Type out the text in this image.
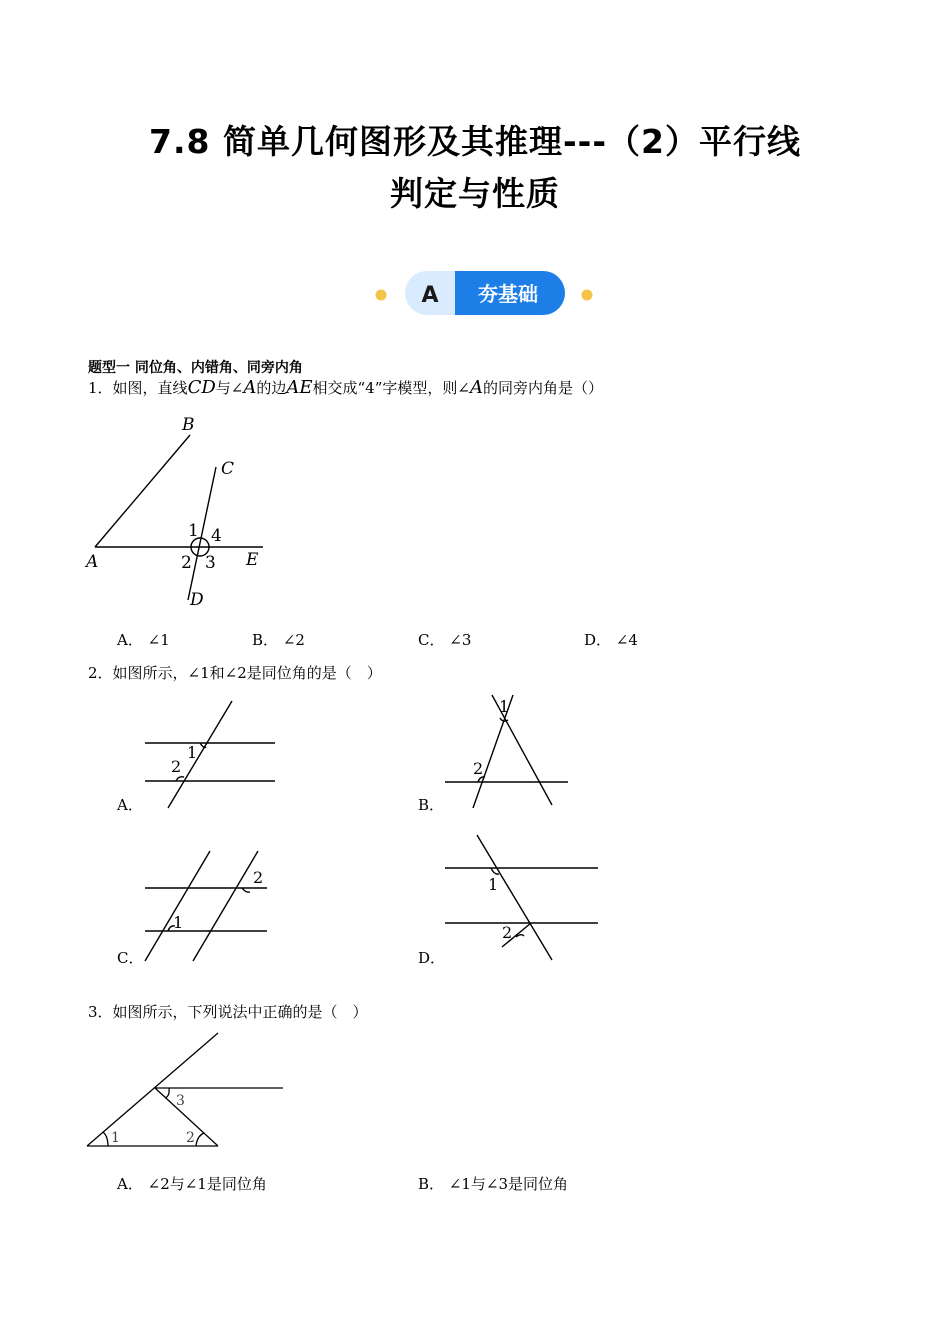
7.8 简单几何图形及其推理---（2）平行线
判定与性质
A 夯基础
题型一 同位角、内错角、同旁内角
1．如图，直线CD与∠A的边AE相交成“4”字模型，则∠A的同旁内角是（）
B
C
A	E
D
1 4
2 3
A． ∠1	B． ∠2	C． ∠3	D． ∠4
2．如图所示，∠1和∠2是同位角的是（　）
A．
1
2
B．
1
2
C．
1
2
D．
1
2
3．如图所示，下列说法中正确的是（　）
1	2
3
A． ∠2与∠1是同位角	B． ∠1与∠3是同位角
